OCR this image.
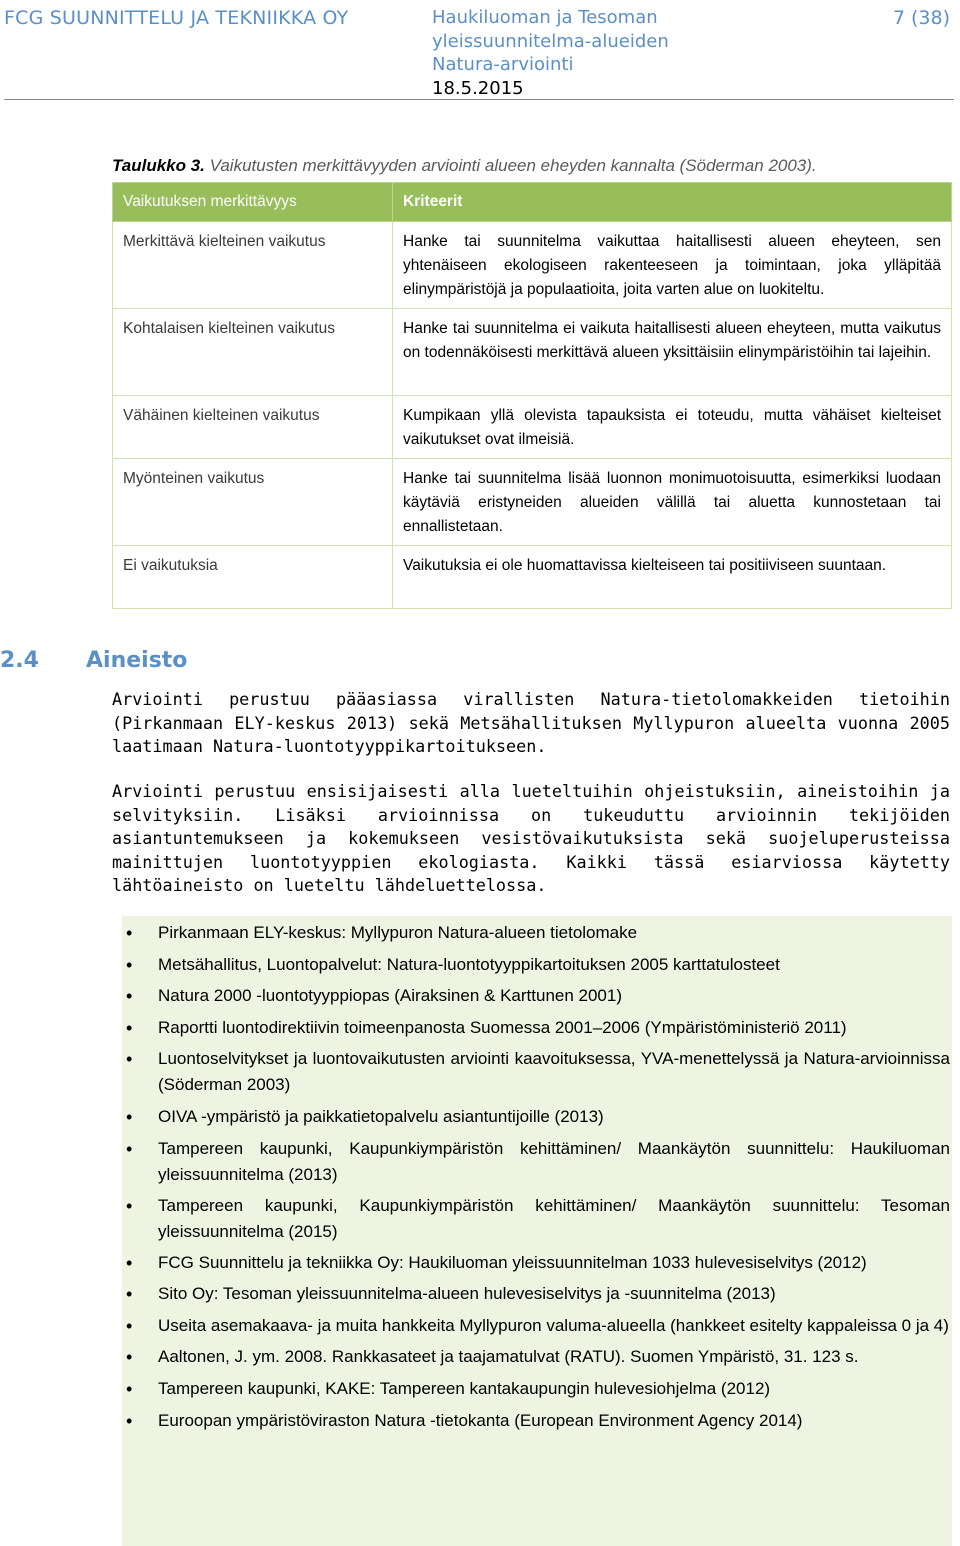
FCG SUUNNITTELU JA TEKNIIKKA OY	Haukiluoman ja Tesoman
yleissuunnitelma-alueiden
Natura-arviointi
18.5.2015
7 (38)
Taulukko 3. Vaikutusten merkittävyyden arviointi alueen eheyden kannalta (Söderman 2003).
Vaikutuksen merkittävyys	Kriteerit
Merkittävä kielteinen vaikutus	Hanke tai suunnitelma vaikuttaa haitallisesti alueen eheyteen, sen yhtenäiseen ekologiseen rakenteeseen ja toimintaan, joka ylläpitää elinympäristöjä ja populaatioita, joita varten alue on luokiteltu.
Kohtalaisen kielteinen vaikutus	Hanke tai suunnitelma ei vaikuta haitallisesti alueen eheyteen, mutta vaikutus on todennäköisesti merkittävä alueen yksittäisiin elinympäristöihin tai lajeihin.
Vähäinen kielteinen vaikutus	Kumpikaan yllä olevista tapauksista ei toteudu, mutta vähäiset kielteiset vaikutukset ovat ilmeisiä.
Myönteinen vaikutus	Hanke tai suunnitelma lisää luonnon monimuotoisuutta, esimerkiksi luodaan käytäviä eristyneiden alueiden välillä tai aluetta kunnostetaan tai ennallistetaan.
Ei vaikutuksia	Vaikutuksia ei ole huomattavissa kielteiseen tai positiiviseen suuntaan.
2.4	Aineisto
Arviointi perustuu pääasiassa virallisten Natura-tietolomakkeiden tietoihin (Pirkanmaan ELY-keskus 2013) sekä Metsähallituksen Myllypuron alueelta vuonna 2005 laatimaan Natura-luontotyyppikartoitukseen.
Arviointi perustuu ensisijaisesti alla lueteltuihin ohjeistuksiin, aineistoihin ja selvityksiin. Lisäksi arvioinnissa on tukeuduttu arvioinnin tekijöiden asiantuntemukseen ja kokemukseen vesistövaikutuksista sekä suojeluperusteissa mainittujen luontotyyppien ekologiasta. Kaikki tässä esiarviossa käytetty lähtöaineisto on lueteltu lähdeluettelossa.
• Pirkanmaan ELY-keskus: Myllypuron Natura-alueen tietolomake
• Metsähallitus, Luontopalvelut: Natura-luontotyyppikartoituksen 2005 karttatulosteet
• Natura 2000 -luontotyyppiopas (Airaksinen & Karttunen 2001)
• Raportti luontodirektiivin toimeenpanosta Suomessa 2001–2006 (Ympäristöministeriö 2011)
• Luontoselvitykset ja luontovaikutusten arviointi kaavoituksessa, YVA-menettelyssä ja Natura-arvioinnissa (Söderman 2003)
• OIVA -ympäristö ja paikkatietopalvelu asiantuntijoille (2013)
• Tampereen kaupunki, Kaupunkiympäristön kehittäminen/ Maankäytön suunnittelu: Haukiluoman yleissuunnitelma (2013)
• Tampereen kaupunki, Kaupunkiympäristön kehittäminen/ Maankäytön suunnittelu: Tesoman yleissuunnitelma (2015)
• FCG Suunnittelu ja tekniikka Oy: Haukiluoman yleissuunnitelman 1033 hulevesiselvitys (2012)
• Sito Oy: Tesoman yleissuunnitelma-alueen hulevesiselvitys ja -suunnitelma (2013)
• Useita asemakaava- ja muita hankkeita Myllypuron valuma-alueella (hankkeet esitelty kappaleissa 0 ja 4)
• Aaltonen, J. ym. 2008. Rankkasateet ja taajamatulvat (RATU). Suomen Ympäristö, 31. 123 s.
• Tampereen kaupunki, KAKE: Tampereen kantakaupungin hulevesiohjelma (2012)
• Euroopan ympäristöviraston Natura -tietokanta (European Environment Agency 2014)
